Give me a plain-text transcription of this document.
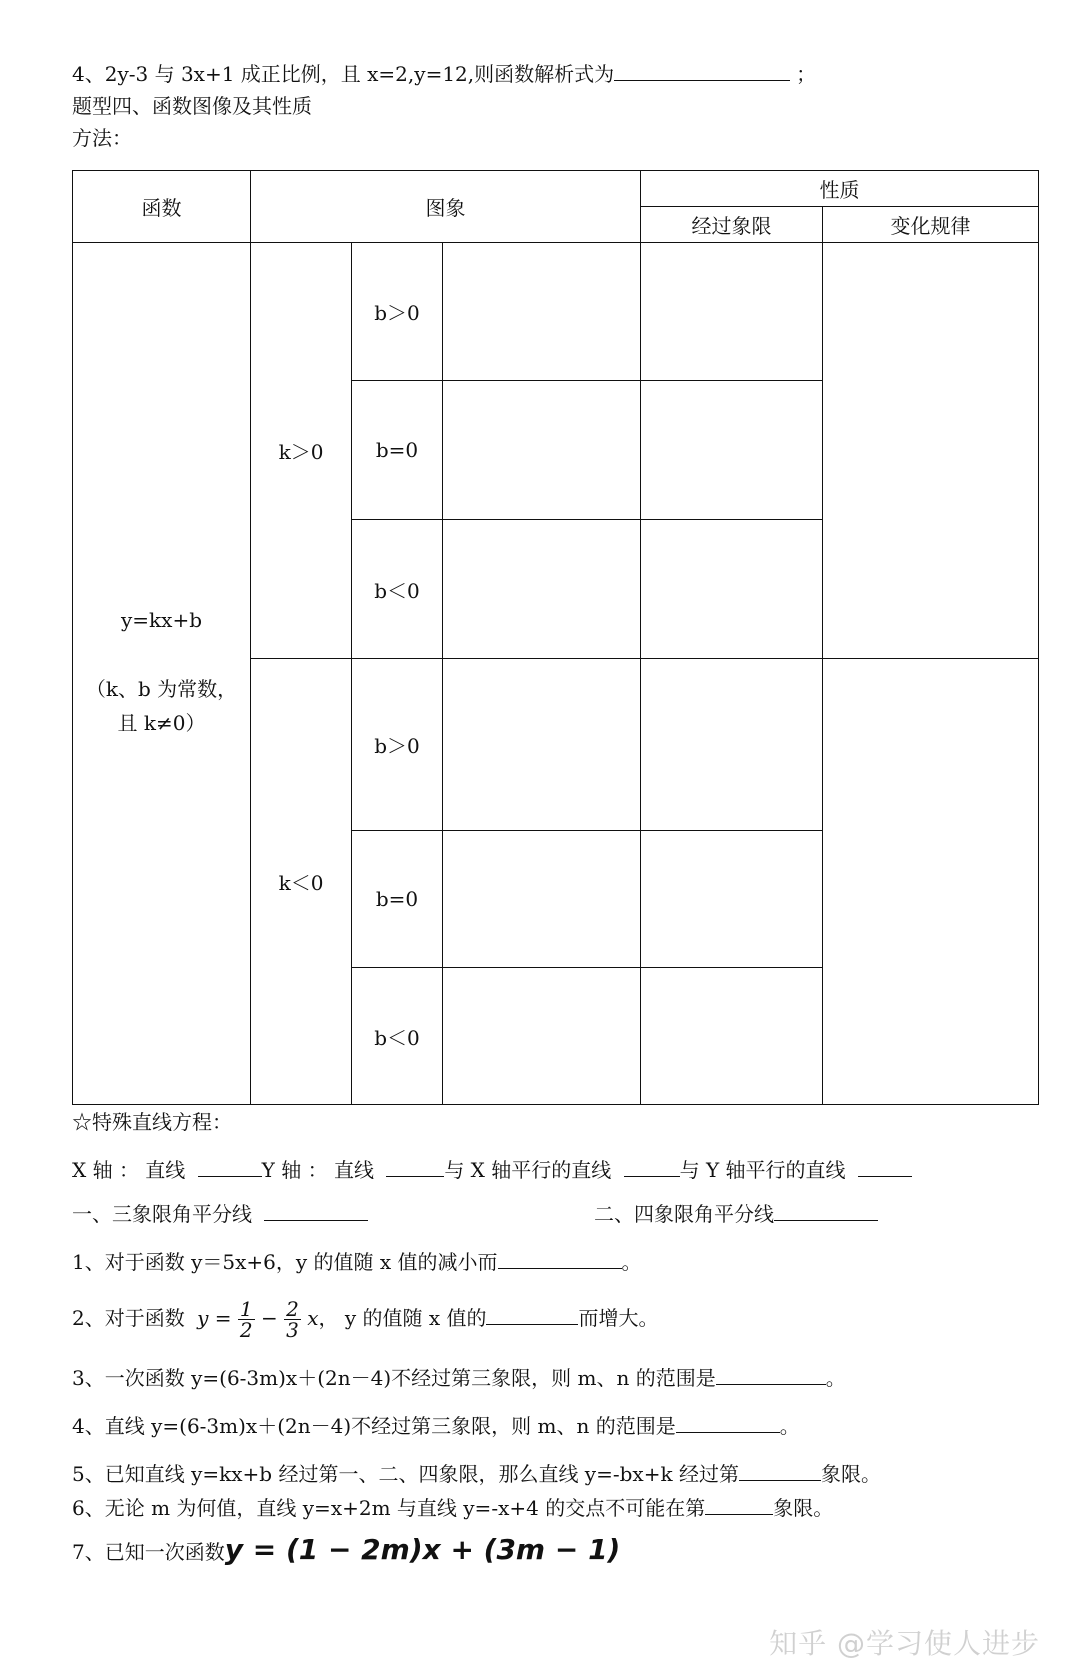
4、2y-3 与 3x+1 成正比例，且 x=2,y=12,则函数解析式为	；
题型四、函数图像及其性质
方法：
函数	图象			性质	
				经过象限	变化规律
y=kx+b
（k、b 为常数，
且 k≠0）	k＞0	b＞0			
		b=0			
		b＜0			
	k＜0	b＞0			
		b=0			
		b＜0			
☆特殊直线方程：
X 轴 ： 直线	Y 轴 ： 直线	与 X 轴平行的直线	与 Y 轴平行的直线
一、三象限角平分线	二、四象限角平分线
1、对于函数 y＝5x+6，y 的值随 x 值的减小而	。
2、对于函数 $y = \frac{1}{2} - \frac{2}{3}$ x， y 的值随 x 值的	而增大。
3、一次函数 y=(6-3m)x＋(2n－4)不经过第三象限，则 m、n 的范围是	。
4、直线 y=(6-3m)x＋(2n－4)不经过第三象限，则 m、n 的范围是	。
5、已知直线 y=kx+b 经过第一、二、四象限，那么直线 y=-bx+k 经过第	象限。
6、无论 m 为何值，直线 y=x+2m 与直线 y=-x+4 的交点不可能在第	象限。
7、已知一次函数y = (1 − 2m)x + (3m − 1)
知乎 @学习使人进步
